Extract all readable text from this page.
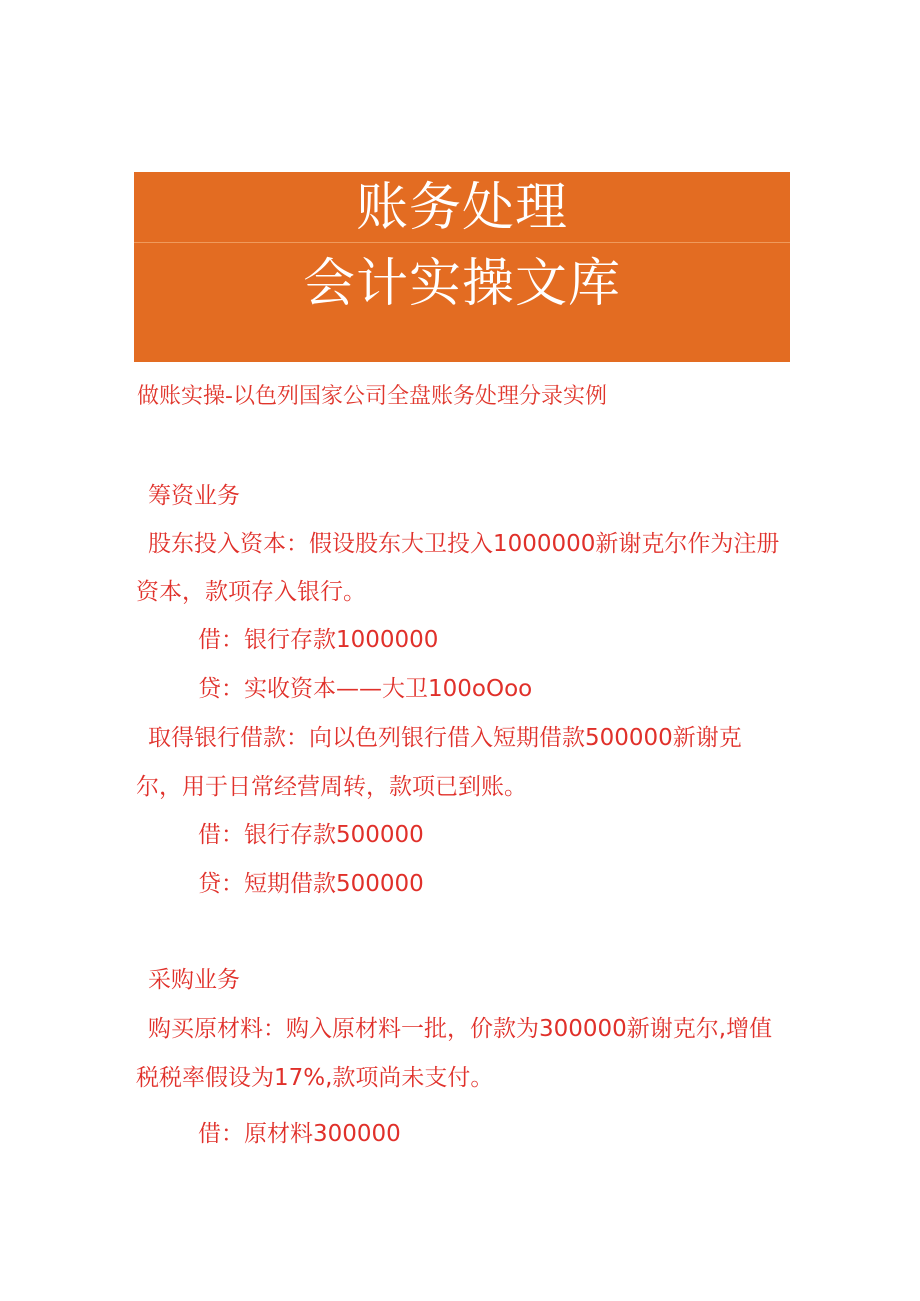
账务处理
会计实操文库
做账实操-以色列国家公司全盘账务处理分录实例
筹资业务
股东投入资本：假设股东大卫投入1000000新谢克尔作为注册
资本，款项存入银行。
借：银行存款1000000
贷：实收资本——大卫100oOoo
取得银行借款：向以色列银行借入短期借款500000新谢克
尔，用于日常经营周转，款项已到账。
借：银行存款500000
贷：短期借款500000
采购业务
购买原材料：购入原材料一批，价款为300000新谢克尔,增值
税税率假设为17%,款项尚未支付。
借：原材料300000
